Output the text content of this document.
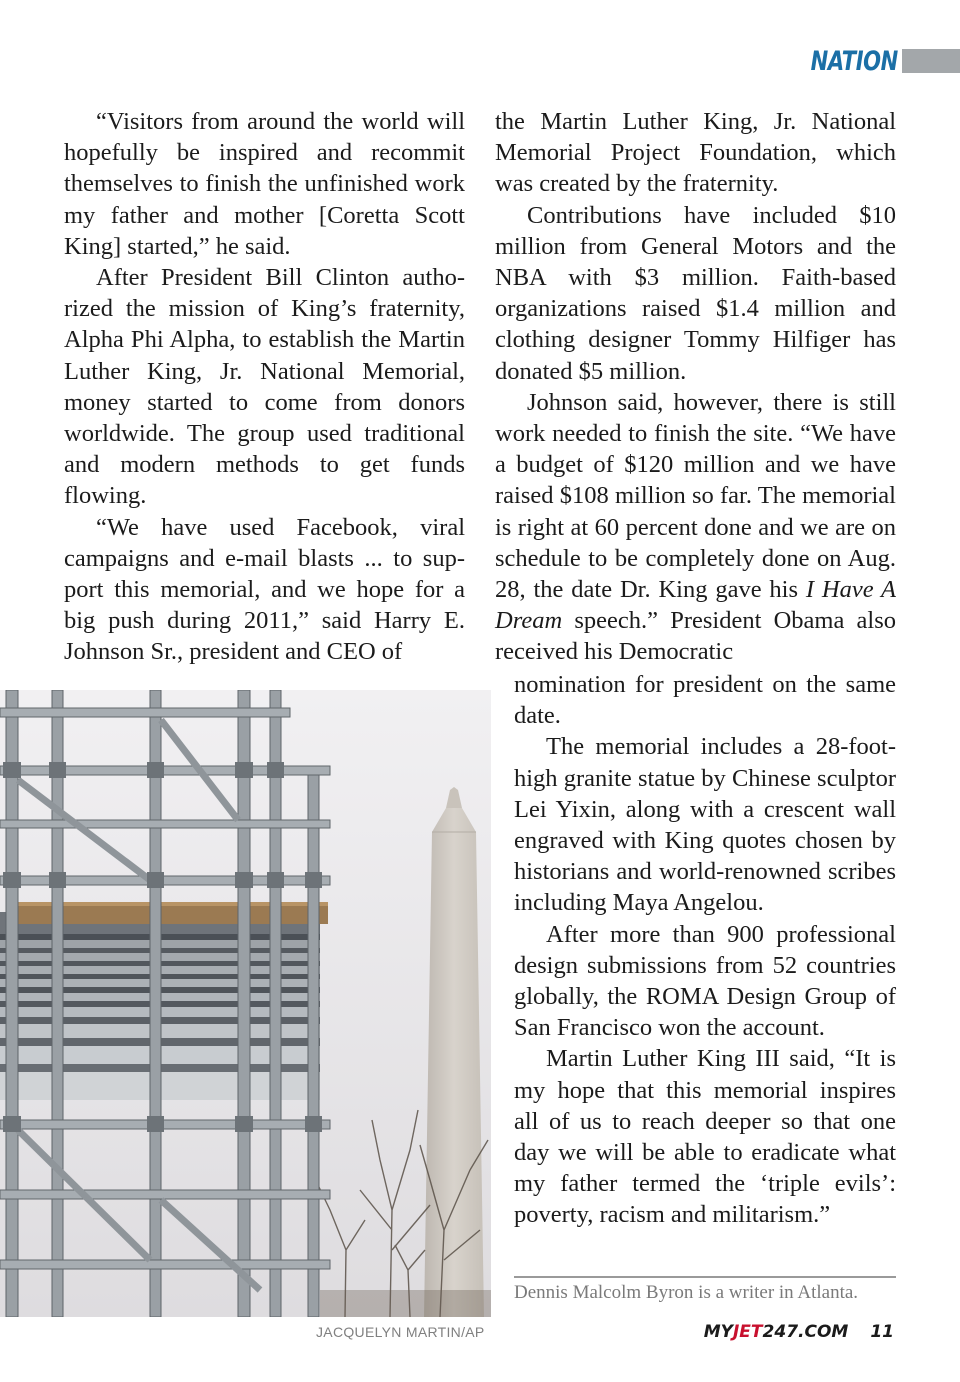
NATION

“Visitors from around the world will hopefully be inspired and recommit themselves to finish the unfinished work my father and mother [Coretta Scott King] started,” he said.

After President Bill Clinton authorized the mission of King’s fraternity, Alpha Phi Alpha, to establish the Martin Luther King, Jr. National Memorial, money started to come from donors worldwide. The group used traditional and modern methods to get funds flowing.

“We have used Facebook, viral campaigns and e-mail blasts ... to support this memorial, and we hope for a big push during 2011,” said Harry E. Johnson Sr., president and CEO of

the Martin Luther King, Jr. National Memorial Project Foundation, which was created by the fraternity.

Contributions have included $10 million from General Motors and the NBA with $3 million. Faith-based organizations raised $1.4 million and clothing designer Tommy Hilfiger has donated $5 million.

Johnson said, however, there is still work needed to finish the site. “We have a budget of $120 million and we have raised $108 million so far. The memorial is right at 60 percent done and we are on schedule to be completely done on Aug. 28, the date Dr. King gave his I Have A Dream speech.” President Obama also received his Democratic

nomination for president on the same date.

The memorial includes a 28-foot-high granite statue by Chinese sculptor Lei Yixin, along with a crescent wall engraved with King quotes chosen by historians and world-renowned scribes including Maya Angelou.

After more than 900 professional design submissions from 52 countries globally, the ROMA Design Group of San Francisco won the account.

Martin Luther King III said, “It is my hope that this memorial inspires all of us to reach deeper so that one day we will be able to eradicate what my father termed the ‘triple evils’: poverty, racism and militarism.”

JACQUELYN MARTIN/AP
Dennis Malcolm Byron is a writer in Atlanta.
MYJET247.COM 11
